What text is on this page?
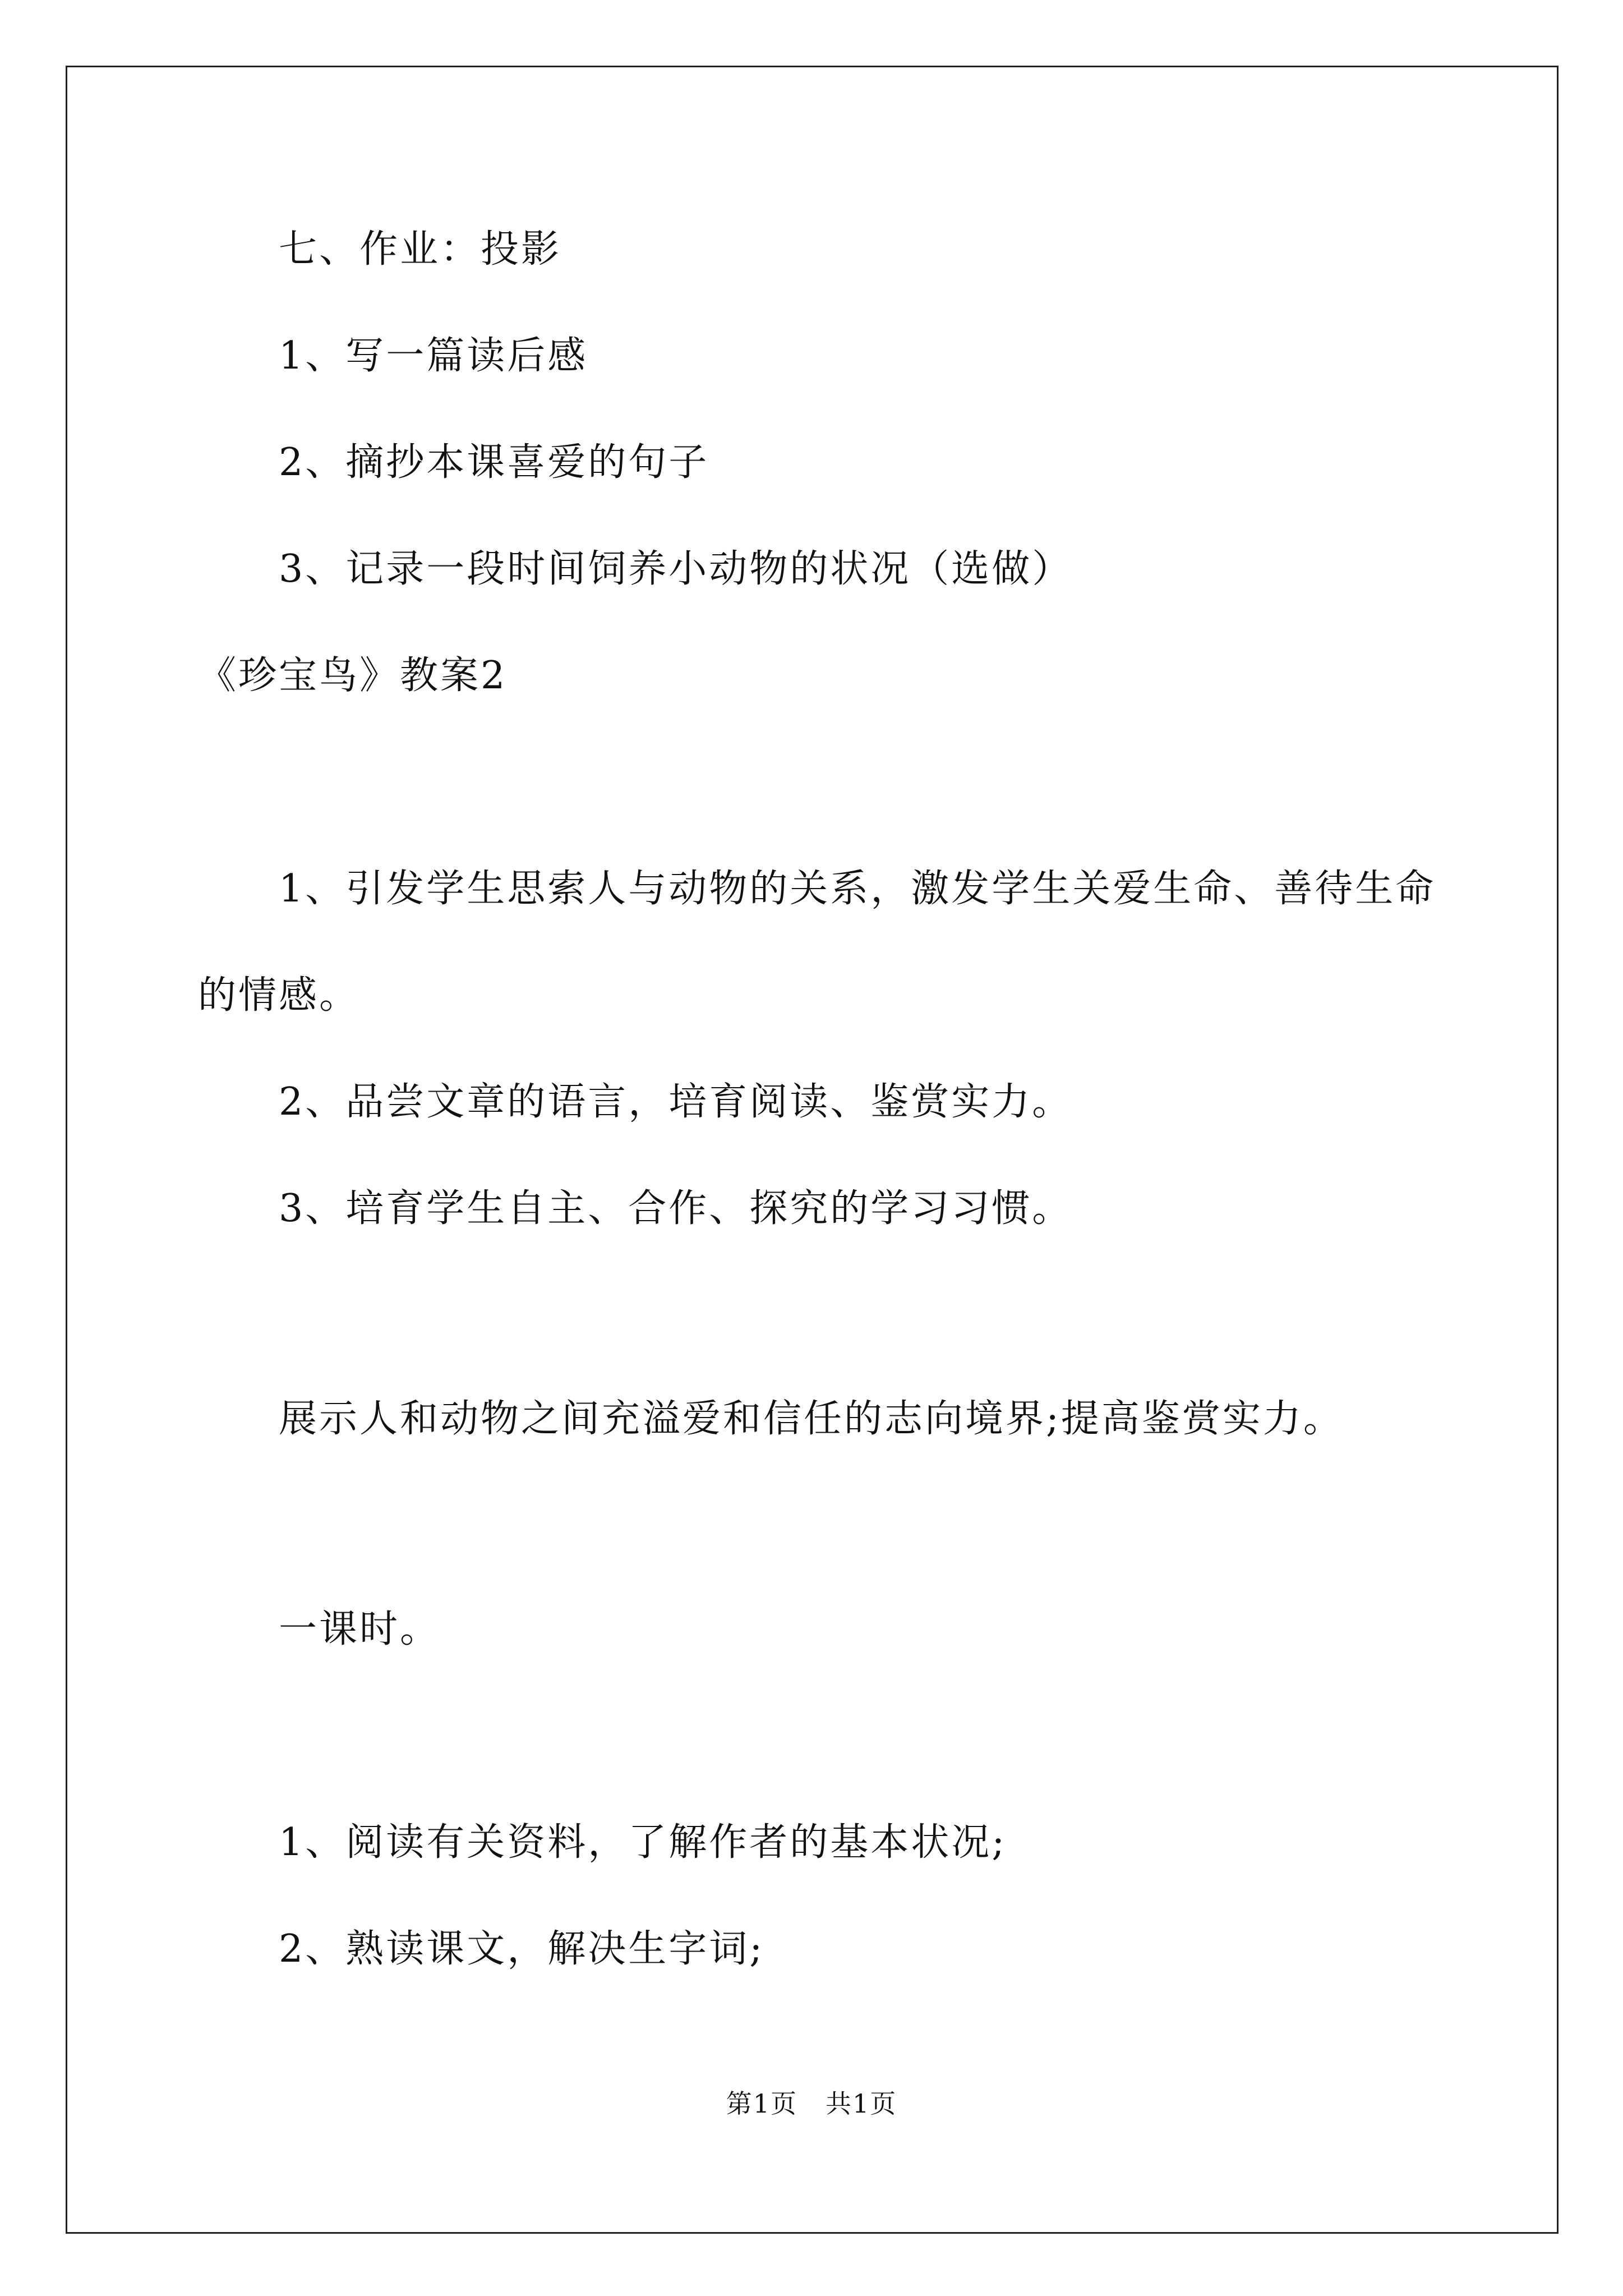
七、作业：投影
1、写一篇读后感
2、摘抄本课喜爱的句子
3、记录一段时间饲养小动物的状况（选做）
《珍宝鸟》教案2
1、引发学生思索人与动物的关系，激发学生关爱生命、善待生命
的情感。
2、品尝文章的语言，培育阅读、鉴赏实力。
3、培育学生自主、合作、探究的学习习惯。
展示人和动物之间充溢爱和信任的志向境界;提高鉴赏实力。
一课时。
1、阅读有关资料，了解作者的基本状况;
2、熟读课文，解决生字词;
第1页 共1页
